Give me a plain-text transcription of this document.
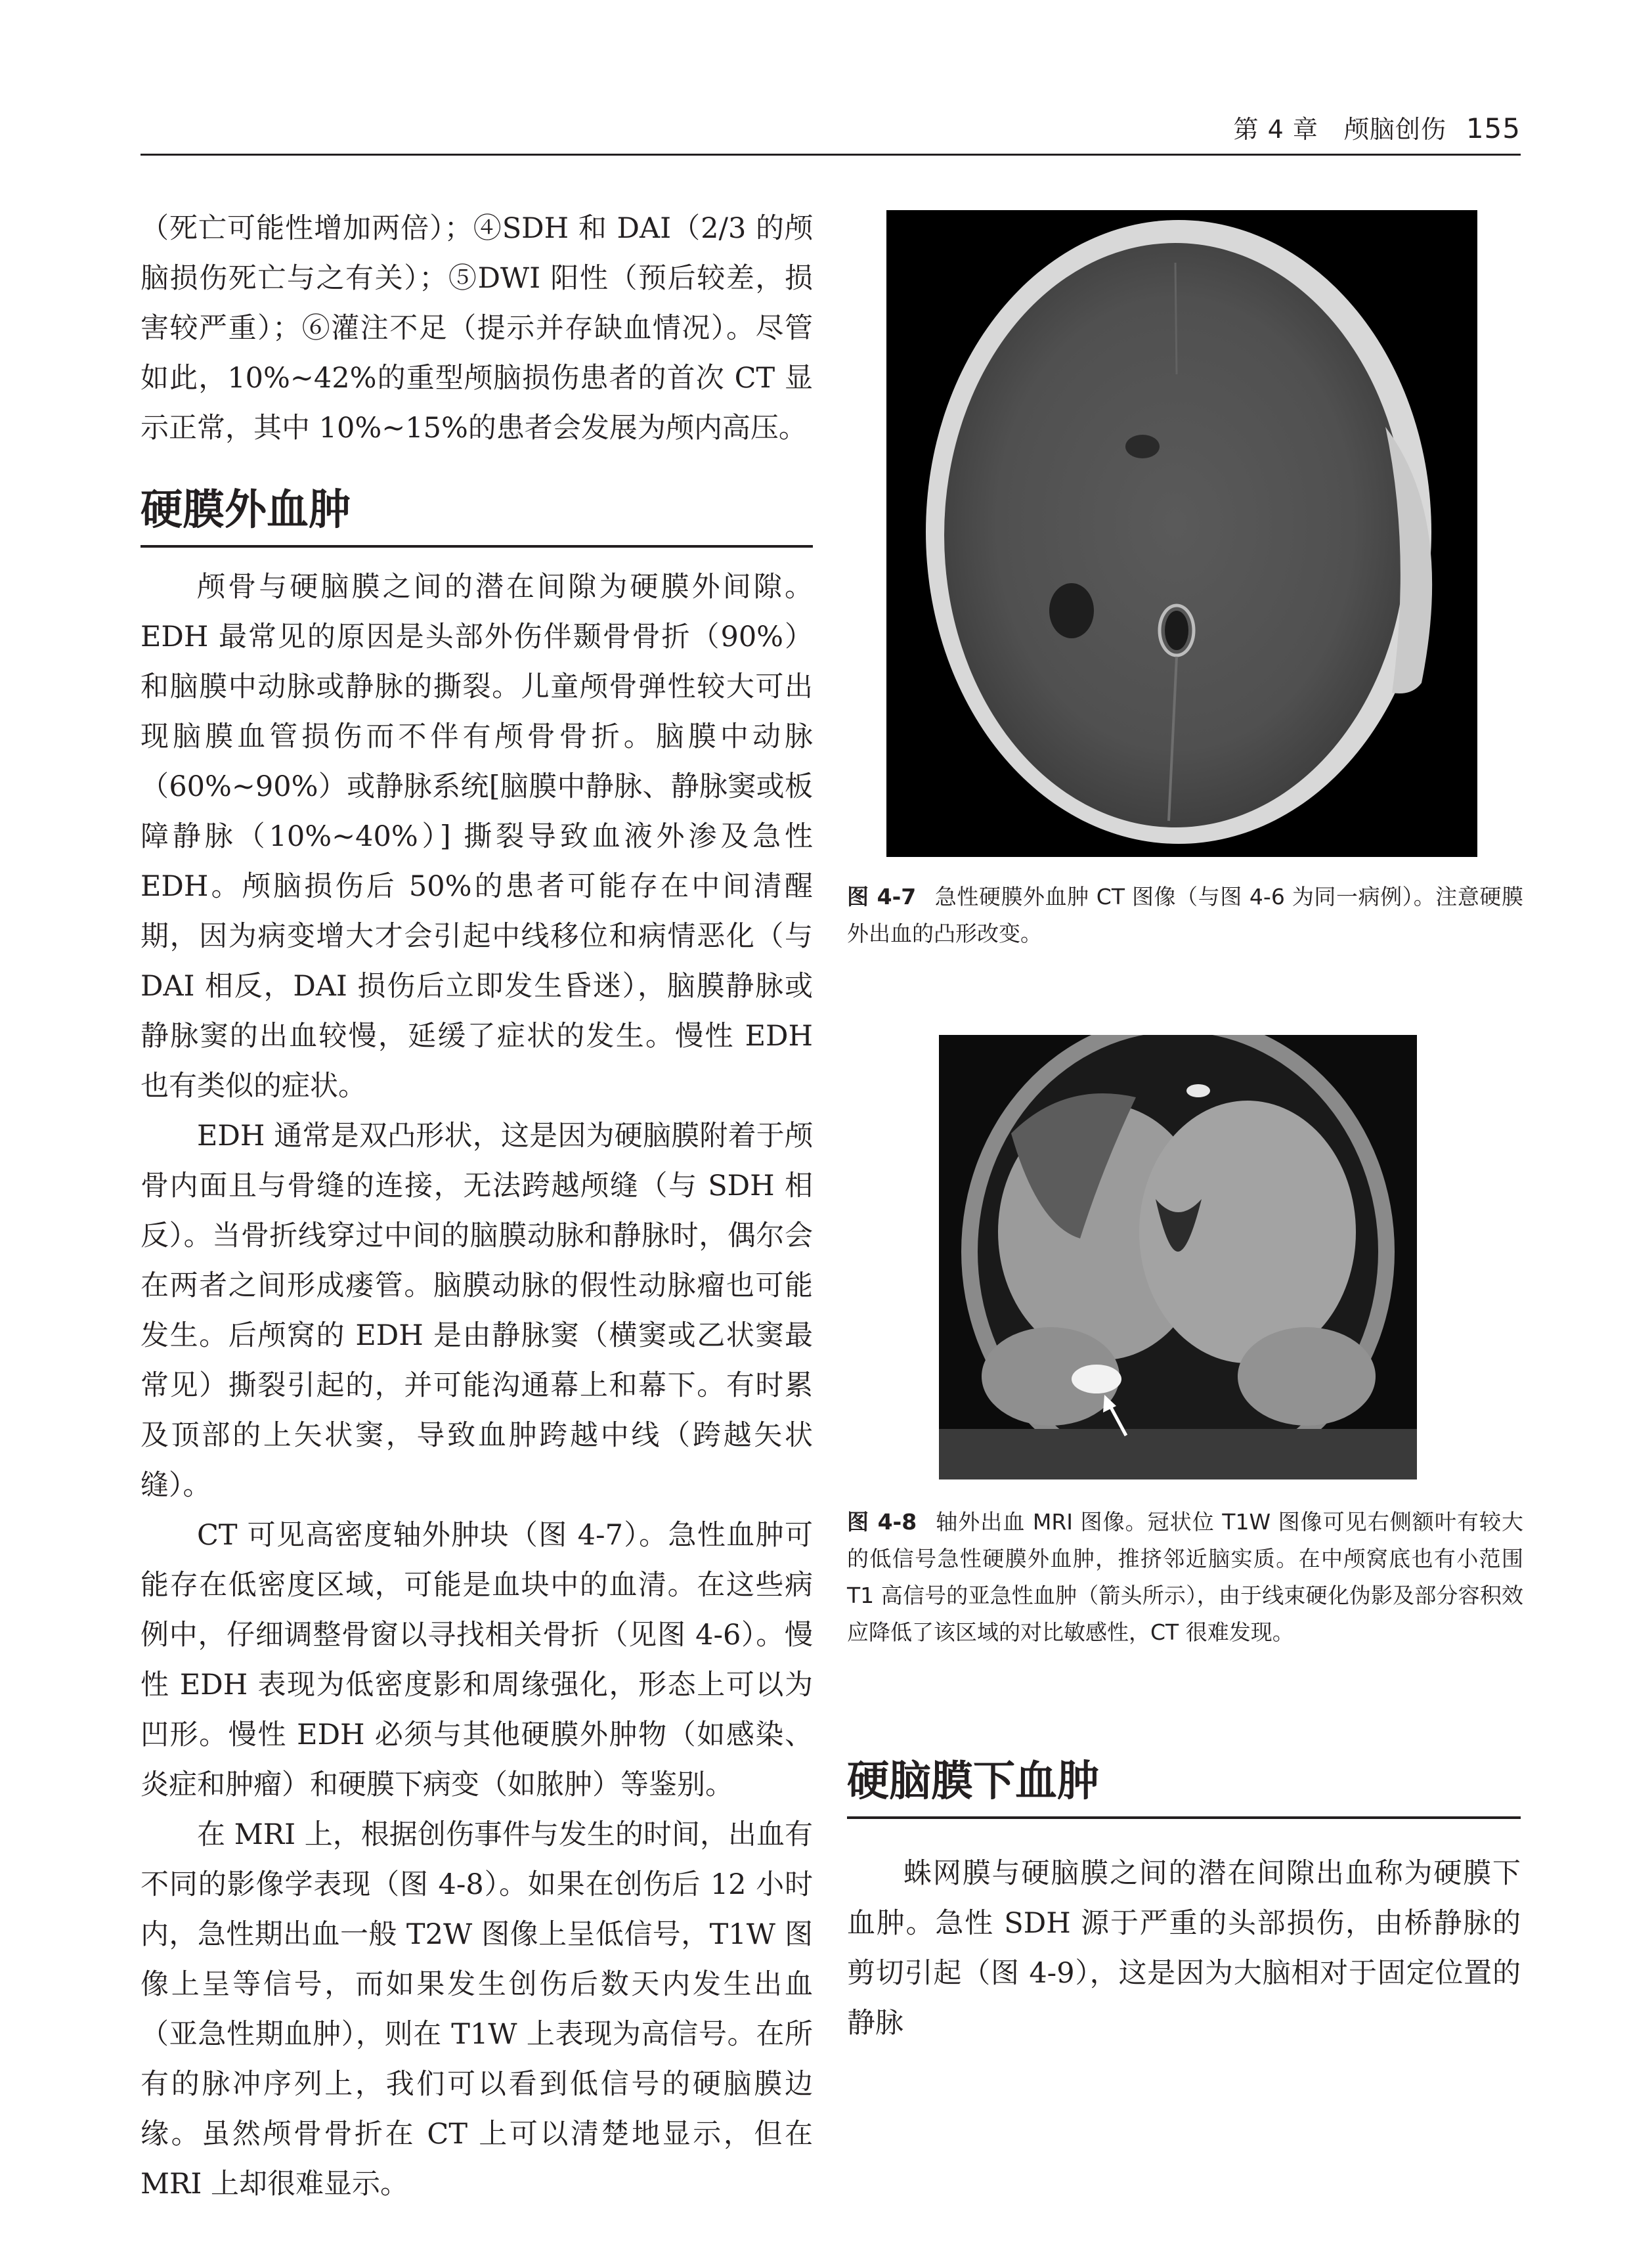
第 4 章　颅脑创伤 155

（死亡可能性增加两倍）；④SDH 和 DAI（2/3 的颅脑损伤死亡与之有关）；⑤DWI 阳性（预后较差，损害较严重）；⑥灌注不足（提示并存缺血情况）。尽管如此，10%~42%的重型颅脑损伤患者的首次 CT 显示正常，其中 10%~15%的患者会发展为颅内高压。

硬膜外血肿

颅骨与硬脑膜之间的潜在间隙为硬膜外间隙。EDH 最常见的原因是头部外伤伴颞骨骨折（90%）和脑膜中动脉或静脉的撕裂。儿童颅骨弹性较大可出现脑膜血管损伤而不伴有颅骨骨折。脑膜中动脉（60%~90%）或静脉系统[脑膜中静脉、静脉窦或板障静脉（10%~40%）] 撕裂导致血液外渗及急性 EDH。颅脑损伤后 50%的患者可能存在中间清醒期，因为病变增大才会引起中线移位和病情恶化（与 DAI 相反，DAI 损伤后立即发生昏迷），脑膜静脉或静脉窦的出血较慢，延缓了症状的发生。慢性 EDH 也有类似的症状。

EDH 通常是双凸形状，这是因为硬脑膜附着于颅骨内面且与骨缝的连接，无法跨越颅缝（与 SDH 相反）。当骨折线穿过中间的脑膜动脉和静脉时，偶尔会在两者之间形成瘘管。脑膜动脉的假性动脉瘤也可能发生。后颅窝的 EDH 是由静脉窦（横窦或乙状窦最常见）撕裂引起的，并可能沟通幕上和幕下。有时累及顶部的上矢状窦，导致血肿跨越中线（跨越矢状缝）。

CT 可见高密度轴外肿块（图 4-7）。急性血肿可能存在低密度区域，可能是血块中的血清。在这些病例中，仔细调整骨窗以寻找相关骨折（见图 4-6）。慢性 EDH 表现为低密度影和周缘强化，形态上可以为凹形。慢性 EDH 必须与其他硬膜外肿物（如感染、炎症和肿瘤）和硬膜下病变（如脓肿）等鉴别。

在 MRI 上，根据创伤事件与发生的时间，出血有不同的影像学表现（图 4-8）。如果在创伤后 12 小时内，急性期出血一般 T2W 图像上呈低信号，T1W 图像上呈等信号，而如果发生创伤后数天内发生出血（亚急性期血肿），则在 T1W 上表现为高信号。在所有的脉冲序列上，我们可以看到低信号的硬脑膜边缘。虽然颅骨骨折在 CT 上可以清楚地显示，但在 MRI 上却很难显示。

图 4-7 急性硬膜外血肿 CT 图像（与图 4-6 为同一病例）。注意硬膜外出血的凸形改变。
图 4-8 轴外出血 MRI 图像。冠状位 T1W 图像可见右侧额叶有较大的低信号急性硬膜外血肿，推挤邻近脑实质。在中颅窝底也有小范围 T1 高信号的亚急性血肿（箭头所示），由于线束硬化伪影及部分容积效应降低了该区域的对比敏感性，CT 很难发现。
硬脑膜下血肿

蛛网膜与硬脑膜之间的潜在间隙出血称为硬膜下血肿。急性 SDH 源于严重的头部损伤，由桥静脉的剪切引起（图 4-9），这是因为大脑相对于固定位置的静脉
